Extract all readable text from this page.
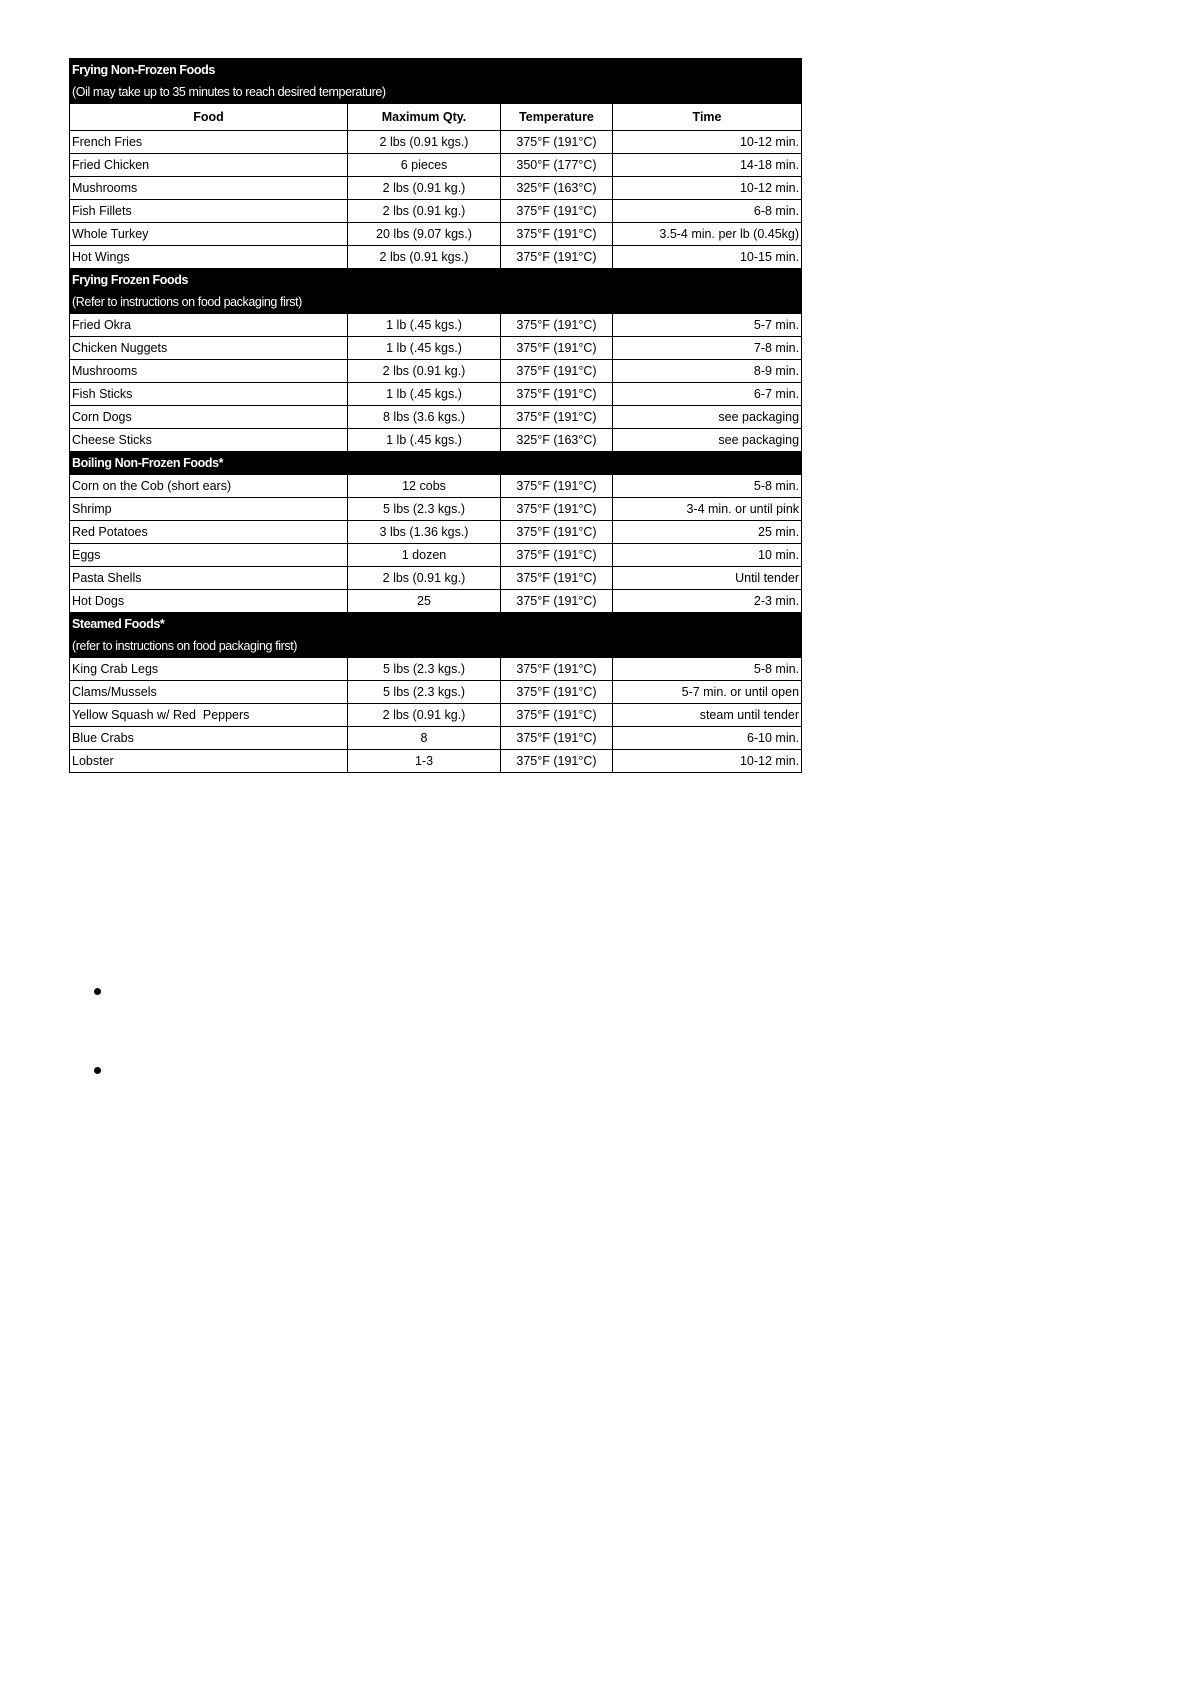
Frying Non-Frozen Foods
(Oil may take up to 35 minutes to reach desired temperature)			

Food	Maximum Qty.	Temperature	Time
French Fries	2 lbs (0.91 kgs.)	375°F (191°C)	10-12 min.
Fried Chicken	6 pieces	350°F (177°C)	14-18 min.
Mushrooms	2 lbs (0.91 kg.)	325°F (163°C)	10-12 min.
Fish Fillets	2 lbs (0.91 kg.)	375°F (191°C)	6-8 min.
Whole Turkey	20 lbs (9.07 kgs.)	375°F (191°C)	3.5-4 min. per lb (0.45kg)
Hot Wings	2 lbs (0.91 kgs.)	375°F (191°C)	10-15 min.

Frying Frozen Foods
(Refer to instructions on food packaging first)			

Fried Okra	1 lb (.45 kgs.)	375°F (191°C)	5-7 min.
Chicken Nuggets	1 lb (.45 kgs.)	375°F (191°C)	7-8 min.
Mushrooms	2 lbs (0.91 kg.)	375°F (191°C)	8-9 min.
Fish Sticks	1 lb (.45 kgs.)	375°F (191°C)	6-7 min.
Corn Dogs	8 lbs (3.6 kgs.)	375°F (191°C)	see packaging
Cheese Sticks	1 lb (.45 kgs.)	325°F (163°C)	see packaging

Boiling Non-Frozen Foods*			

Corn on the Cob (short ears)	12 cobs	375°F (191°C)	5-8 min.
Shrimp	5 lbs (2.3 kgs.)	375°F (191°C)	3-4 min. or until pink
Red Potatoes	3 lbs (1.36 kgs.)	375°F (191°C)	25 min.
Eggs	1 dozen	375°F (191°C)	10 min.
Pasta Shells	2 lbs (0.91 kg.)	375°F (191°C)	Until tender
Hot Dogs	25	375°F (191°C)	2-3 min.

Steamed Foods*
(refer to instructions on food packaging first)			

King Crab Legs	5 lbs (2.3 kgs.)	375°F (191°C)	5-8 min.
Clams/Mussels	5 lbs (2.3 kgs.)	375°F (191°C)	5-7 min. or until open
Yellow Squash w/ Red  Peppers	2 lbs (0.91 kg.)	375°F (191°C)	steam until tender
Blue Crabs	8	375°F (191°C)	6-10 min.
Lobster	1-3	375°F (191°C)	10-12 min.
